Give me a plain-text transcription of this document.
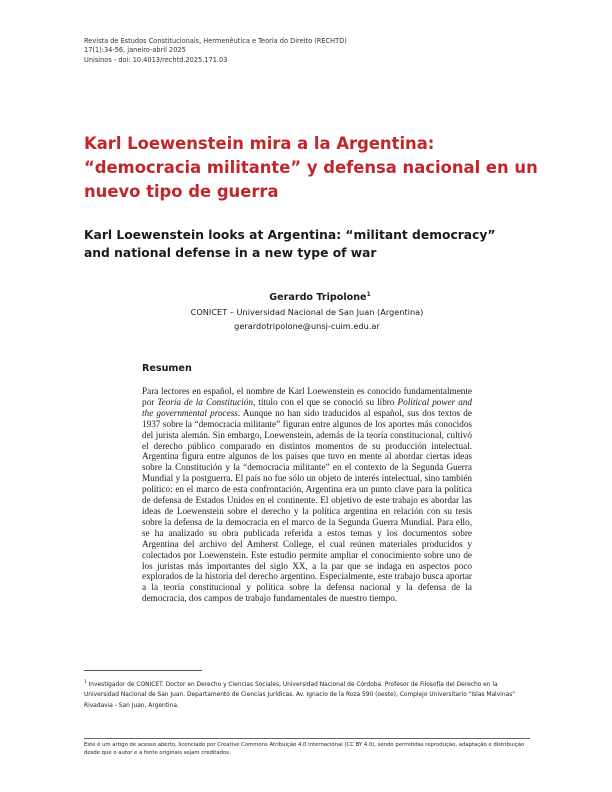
Revista de Estudos Constitucionais, Hermenêutica e Teoria do Direito (RECHTD)
17(1):34-56, janeiro-abril 2025
Unisinos - doi: 10.4013/rechtd.2025.171.03
Karl Loewenstein mira a la Argentina: “democracia militante” y defensa nacional en un nuevo tipo de guerra
Karl Loewenstein looks at Argentina: “militant democracy” and national defense in a new type of war
Gerardo Tripolone$^1$
CONICET – Universidad Nacional de San Juan (Argentina)
gerardotripolone@unsj-cuim.edu.ar
Resumen

Para lectores en español, el nombre de Karl Loewenstein es conocido fundamentalmente por Teoría de la Constitución, título con el que se conoció su libro Political power and the governmental process. Aunque no han sido traducidos al español, sus dos textos de 1937 sobre la “democracia militante” figuran entre algunos de los aportes más conocidos del jurista alemán. Sin embargo, Loewenstein, además de la teoría constitucional, cultivó el derecho público comparado en distintos momentos de su producción intelectual. Argentina figura entre algunos de los países que tuvo en mente al abordar ciertas ideas sobre la Constitución y la “democracia militante” en el contexto de la Segunda Guerra Mundial y la postguerra. El país no fue sólo un objeto de interés intelectual, sino también político: en el marco de esta confrontación, Argentina era un punto clave para la política de defensa de Estados Unidos en el continente. El objetivo de este trabajo es abordar las ideas de Loewenstein sobre el derecho y la política argentina en relación con su tesis sobre la defensa de la democracia en el marco de la Segunda Guerra Mundial. Para ello, se ha analizado su obra publicada referida a estos temas y los documentos sobre Argentina del archivo del Amherst College, el cual reúnen materiales producidos y colectados por Loewenstein. Este estudio permite ampliar el conocimiento sobre uno de los juristas más importantes del siglo XX, a la par que se indaga en aspectos poco explorados de la historia del derecho argentino. Especialmente, este trabajo busca aportar a la teoría constitucional y política sobre la defensa nacional y la defensa de la democracia, dos campos de trabajo fundamentales de nuestro tiempo.

$^1$ Investigador de CONICET. Doctor en Derecho y Ciencias Sociales, Universidad Nacional de Córdoba. Profesor de Filosofía del Derecho en la Universidad Nacional de San Juan. Departamento de Ciencias Jurídicas. Av. Ignacio de la Roza 590 (oeste), Complejo Universitario "Islas Malvinas" Rivadavia - San Juan, Argentina.

Este é um artigo de acesso aberto, licenciado por Creative Commons Atribuição 4.0 Internacional (CC BY 4.0), sendo permitidas reprodução, adaptação e distribuição desde que o autor e a fonte originais sejam creditados.
